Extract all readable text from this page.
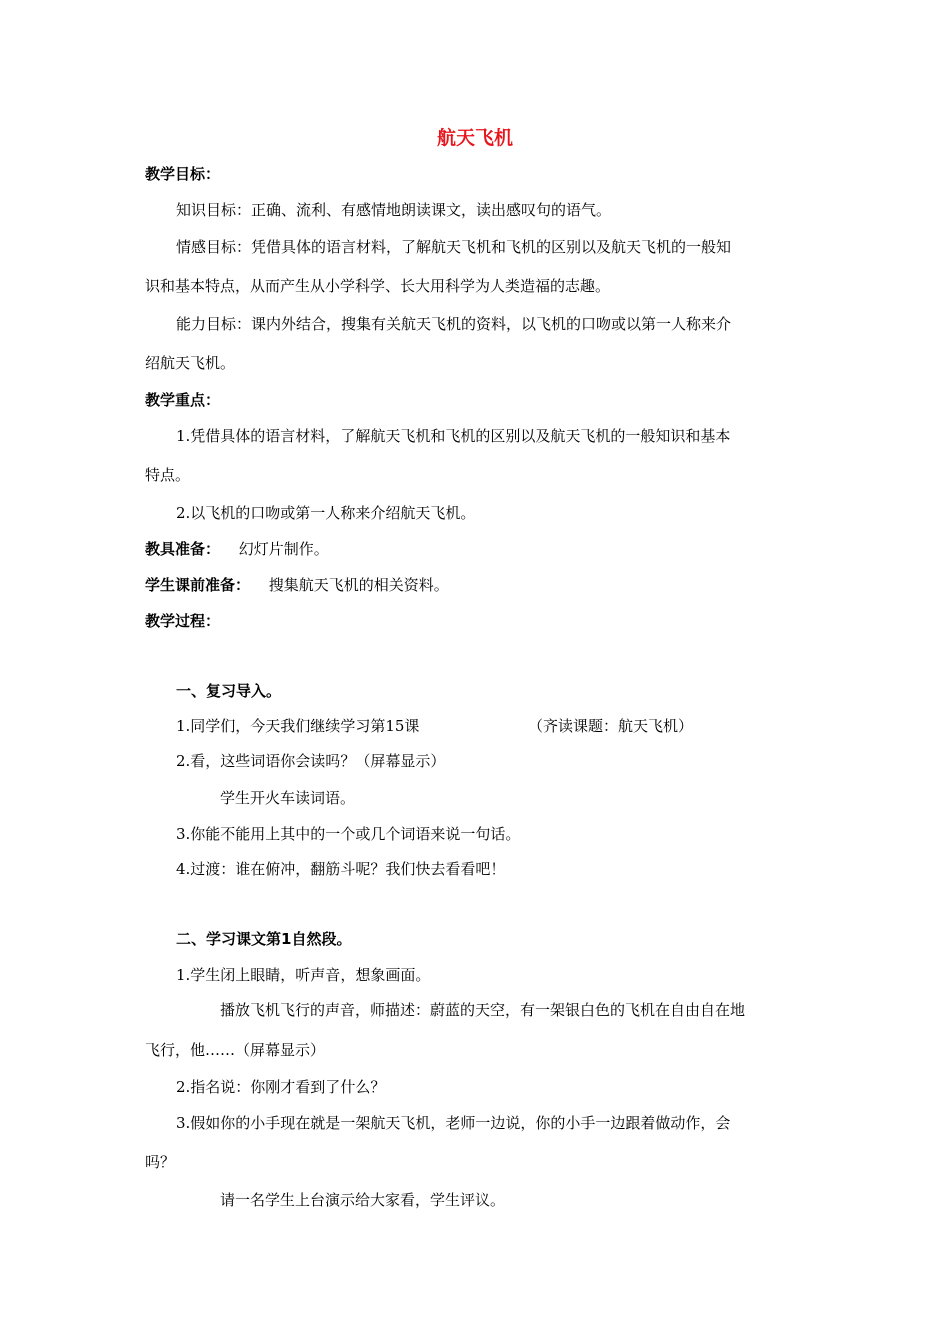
航天飞机
教学目标：
知识目标：正确、流利、有感情地朗读课文，读出感叹句的语气。
情感目标：凭借具体的语言材料，了解航天飞机和飞机的区别以及航天飞机的一般知
识和基本特点，从而产生从小学科学、长大用科学为人类造福的志趣。
能力目标：课内外结合，搜集有关航天飞机的资料，以飞机的口吻或以第一人称来介
绍航天飞机。
教学重点：
1.凭借具体的语言材料，了解航天飞机和飞机的区别以及航天飞机的一般知识和基本
特点。
2.以飞机的口吻或第一人称来介绍航天飞机。
教具准备： 幻灯片制作。
学生课前准备： 搜集航天飞机的相关资料。
教学过程：
一、复习导入。
1.同学们，今天我们继续学习第15课	（齐读课题：航天飞机）
2.看，这些词语你会读吗？（屏幕显示）
学生开火车读词语。
3.你能不能用上其中的一个或几个词语来说一句话。
4.过渡：谁在俯冲，翻筋斗呢？我们快去看看吧！
二、学习课文第1自然段。
1.学生闭上眼睛，听声音，想象画面。
播放飞机飞行的声音，师描述：蔚蓝的天空，有一架银白色的飞机在自由自在地
飞行，他……（屏幕显示）
2.指名说：你刚才看到了什么？
3.假如你的小手现在就是一架航天飞机，老师一边说，你的小手一边跟着做动作，会
吗？
请一名学生上台演示给大家看，学生评议。
